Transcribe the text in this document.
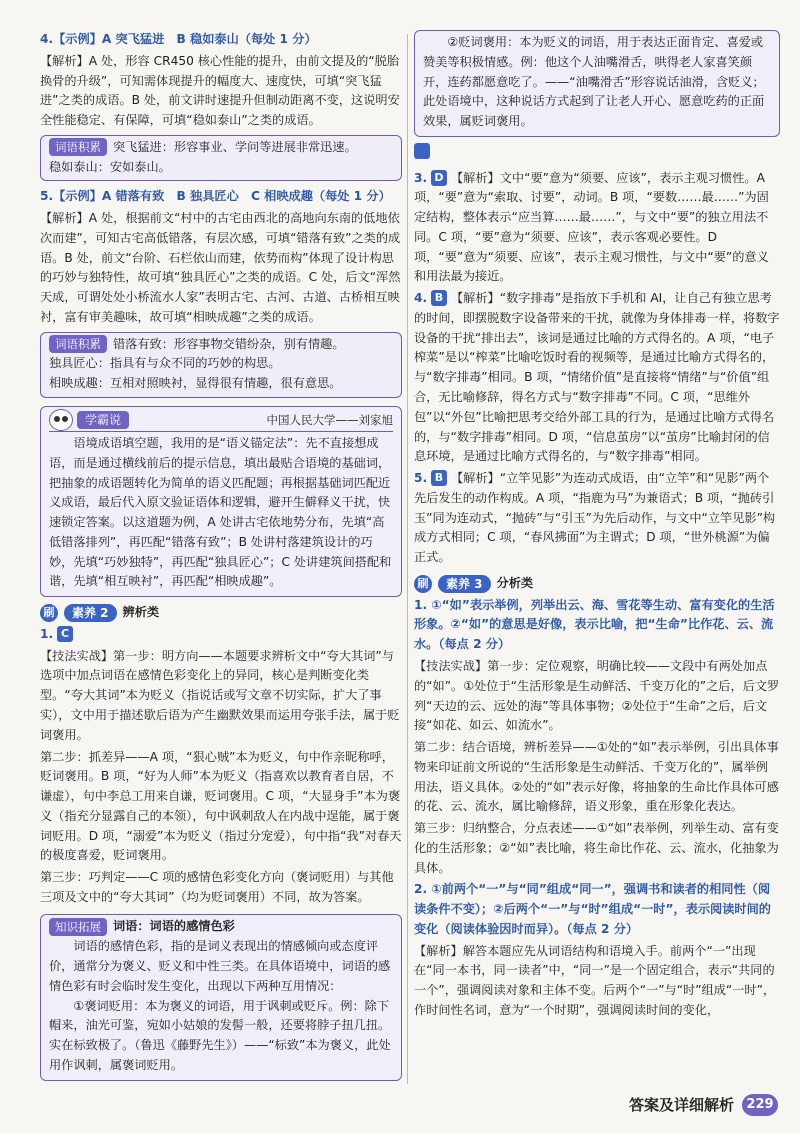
4.【示例】A 突飞猛进　B 稳如泰山（每处 1 分）

【解析】A 处，形容 CR450 核心性能的提升，由前文提及的“脱胎换骨的升级”，可知需体现提升的幅度大、速度快，可填“突飞猛进”之类的成语。B 处，前文讲时速提升但制动距离不变，这说明安全性能稳定、有保障，可填“稳如泰山”之类的成语。

词语积累 突飞猛进：形容事业、学问等进展非常迅速。

稳如泰山：安如泰山。

5.【示例】A 错落有致　B 独具匠心　C 相映成趣（每处 1 分）

【解析】A 处，根据前文“村中的古宅由西北的高地向东南的低地依次而建”，可知古宅高低错落，有层次感，可填“错落有致”之类的成语。B 处，前文“台阶、石栏依山而建，依势而构”体现了设计构思的巧妙与独特性，故可填“独具匠心”之类的成语。C 处，后文“浑然天成，可谓处处小桥流水人家”表明古宅、古河、古道、古桥相互映衬，富有审美趣味，故可填“相映成趣”之类的成语。

词语积累 错落有致：形容事物交错纷杂，别有情趣。

独具匠心：指具有与众不同的巧妙的构思。

相映成趣：互相对照映衬，显得很有情趣，很有意思。

学霸说	中国人民大学——刘家旭

语境成语填空题，我用的是“语义锚定法”：先不直接想成语，而是通过横线前后的提示信息，填出最贴合语境的基础词，把抽象的成语题转化为简单的语义匹配题；再根据基础词匹配近义成语，最后代入原文验证语体和逻辑，避开生僻释义干扰，快速锁定答案。以这道题为例，A 处讲古宅依地势分布，先填“高低错落排列”，再匹配“错落有致”；B 处讲村落建筑设计的巧妙，先填“巧妙独特”，再匹配“独具匠心”；C 处讲建筑间搭配和谐，先填“相互映衬”，再匹配“相映成趣”。

刷	素养 2	辨析类

1. C

【技法实战】第一步：明方向——本题要求辨析文中“夸大其词”与选项中加点词语在感情色彩变化上的异同，核心是判断变化类型。“夸大其词”本为贬义（指说话或写文章不切实际，扩大了事实），文中用于描述歇后语为产生幽默效果而运用夸张手法，属于贬词褒用。

第二步：抓差异——A 项，“狠心贼”本为贬义，句中作亲昵称呼，贬词褒用。B 项，“好为人师”本为贬义（指喜欢以教育者自居，不谦虚），句中李总工用来自谦，贬词褒用。C 项，“大显身手”本为褒义（指充分显露自己的本领），句中讽刺敌人在内战中逞能，属于褒词贬用。D 项，“溺爱”本为贬义（指过分宠爱），句中指“我”对春天的极度喜爱，贬词褒用。

第三步：巧判定——C 项的感情色彩变化方向（褒词贬用）与其他三项及文中的“夸大其词”（均为贬词褒用）不同，故为答案。

知识拓展 词语：词语的感情色彩

词语的感情色彩，指的是词义表现出的情感倾向或态度评价，通常分为褒义、贬义和中性三类。在具体语境中，词语的感情色彩有时会临时发生变化，出现以下两种互用情况：

①褒词贬用：本为褒义的词语，用于讽刺或贬斥。例：除下帽来，油光可鉴，宛如小姑娘的发髻一般，还要将脖子扭几扭。实在标致极了。（鲁迅《藤野先生》）——“标致”本为褒义，此处用作讽刺，属褒词贬用。

②贬词褒用：本为贬义的词语，用于表达正面肯定、喜爱或赞美等积极情感。例：他这个人油嘴滑舌，哄得老人家喜笑颜开，连药都愿意吃了。——“油嘴滑舌”形容说话油滑，含贬义；此处语境中，这种说话方式起到了让老人开心、愿意吃药的正面效果，属贬词褒用。

3. D 【解析】文中“要”意为“须要、应该”，表示主观习惯性。A 项，“要”意为“索取、讨要”，动词。B 项，“要数……最……”为固定结构，整体表示“应当算……最……”，与文中“要”的独立用法不同。C 项，“要”意为“须要、应该”，表示客观必要性。D 项，“要”意为“须要、应该”，表示主观习惯性，与文中“要”的意义和用法最为接近。

4. B 【解析】“数字排毒”是指放下手机和 AI，让自己有独立思考的时间，即摆脱数字设备带来的干扰，就像为身体排毒一样，将数字设备的干扰“排出去”，该词是通过比喻的方式得名的。A 项，“电子榨菜”是以“榨菜”比喻吃饭时看的视频等，是通过比喻方式得名的，与“数字排毒”相同。B 项，“情绪价值”是直接将“情绪”与“价值”组合，无比喻修辞，得名方式与“数字排毒”不同。C 项，“思维外包”以“外包”比喻把思考交给外部工具的行为，是通过比喻方式得名的，与“数字排毒”相同。D 项，“信息茧房”以“茧房”比喻封闭的信息环境，是通过比喻方式得名的，与“数字排毒”相同。

5. B 【解析】“立竿见影”为连动式成语，由“立竿”和“见影”两个先后发生的动作构成。A 项，“指鹿为马”为兼语式；B 项，“抛砖引玉”同为连动式，“抛砖”与“引玉”为先后动作，与文中“立竿见影”构成方式相同；C 项，“春风拂面”为主谓式；D 项，“世外桃源”为偏正式。

刷	素养 3	分析类

1. ①“如”表示举例，列举出云、海、雪花等生动、富有变化的生活形象。②“如”的意思是好像，表示比喻，把“生命”比作花、云、流水。（每点 2 分）

【技法实战】第一步：定位观察，明确比较——文段中有两处加点的“如”。①处位于“生活形象是生动鲜活、千变万化的”之后，后文罗列“天边的云、远处的海”等具体事物；②处位于“生命”之后，后文接“如花、如云、如流水”。

第二步：结合语境，辨析差异——①处的“如”表示举例，引出具体事物来印证前文所说的“生活形象是生动鲜活、千变万化的”，属举例用法，语义具体。②处的“如”表示好像，将抽象的生命比作具体可感的花、云、流水，属比喻修辞，语义形象，重在形象化表达。

第三步：归纳整合，分点表述——①“如”表举例，列举生动、富有变化的生活形象；②“如”表比喻，将生命比作花、云、流水，化抽象为具体。

2. ①前两个“一”与“同”组成“同一”，强调书和读者的相同性（阅读条件不变）；②后两个“一”与“时”组成“一时”，表示阅读时间的变化（阅读体验因时而异）。（每点 2 分）

【解析】解答本题应先从词语结构和语境入手。前两个“一”出现在“同一本书，同一读者”中，“同一”是一个固定组合，表示“共同的一个”，强调阅读对象和主体不变。后两个“一”与“时”组成“一时”，作时间性名词，意为“一个时期”，强调阅读时间的变化，

答案及详细解析 229
